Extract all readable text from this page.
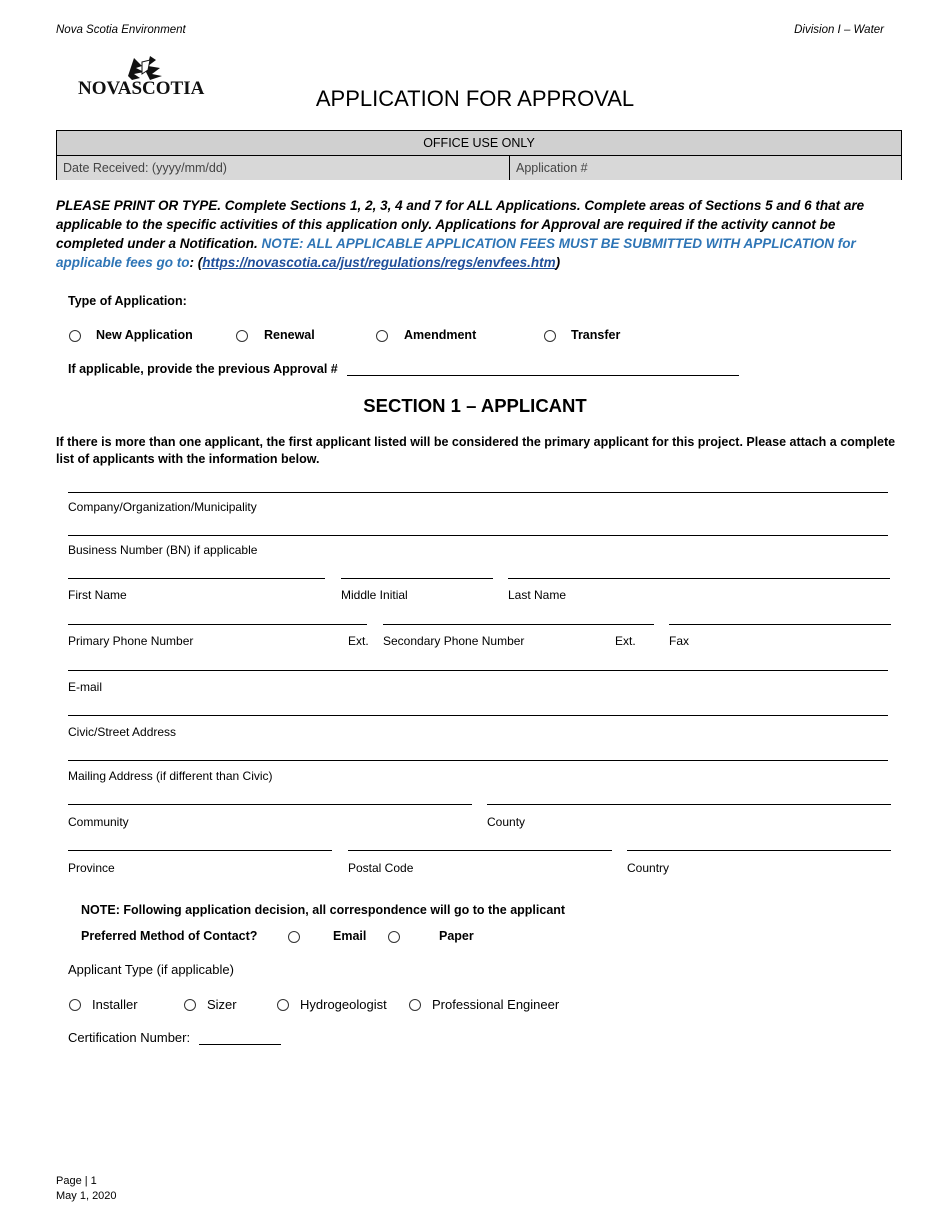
Nova Scotia Environment	Division I – Water
NOVASCOTIA	APPLICATION FOR APPROVAL
OFFICE USE ONLY
Date Received: (yyyy/mm/dd)	Application #
PLEASE PRINT OR TYPE. Complete Sections 1, 2, 3, 4 and 7 for ALL Applications. Complete areas of Sections 5 and 6 that are applicable to the specific activities of this application only. Applications for Approval are required if the activity cannot be completed under a Notification. NOTE: ALL APPLICABLE APPLICATION FEES MUST BE SUBMITTED WITH APPLICATION for applicable fees go to: (https://novascotia.ca/just/regulations/regs/envfees.htm)
Type of Application:
New Application	Renewal	Amendment	Transfer
If applicable, provide the previous Approval #
SECTION 1 – APPLICANT
If there is more than one applicant, the first applicant listed will be considered the primary applicant for this project. Please attach a complete list of applicants with the information below.
Company/Organization/Municipality
Business Number (BN) if applicable
First Name	Middle Initial	Last Name
Primary Phone Number	Ext. Secondary Phone Number	Ext.	Fax
E-mail
Civic/Street Address
Mailing Address (if different than Civic)
Community	County
Province	Postal Code	Country
NOTE: Following application decision, all correspondence will go to the applicant
Preferred Method of Contact?	Email	Paper
Applicant Type (if applicable)
Installer	Sizer	Hydrogeologist	Professional Engineer
Certification Number:
Page | 1
May 1, 2020
